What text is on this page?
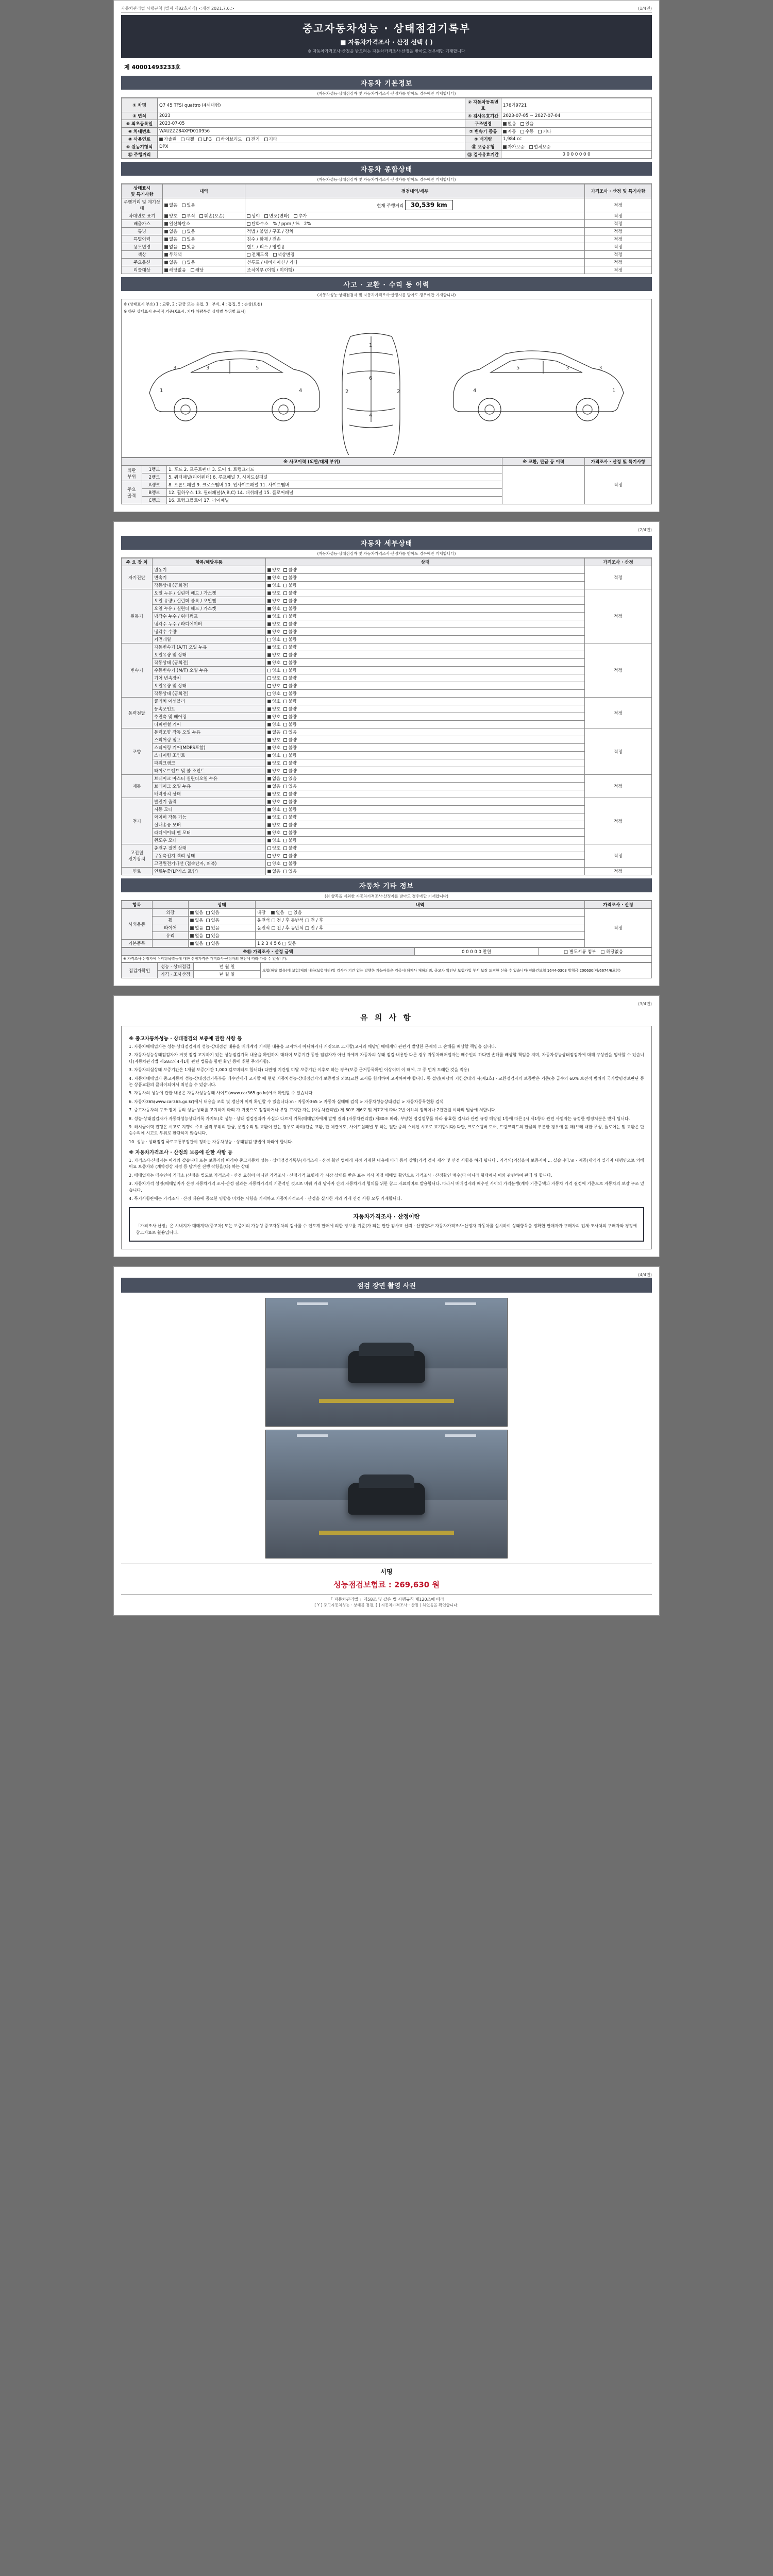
자동차관리법 시행규칙 [별지 제82호서식] <개정 2021.7.6.>	(1/4면)
중고자동차성능 · 상태점검기록부
■ 자동차가격조사 · 산정 선택 ( )
※ 자동차가격조사·산정을 받으려는 자동차가격조사·산정을 받아도 경우에만 기재합니다
제 40001493233호
자동차 기본정보
(자동차성능·상태점검자 및 자동차가격조사·산정자를 받아도 경우에만 기재합니다)
① 차명	Q7 45 TFSI quattro (4세대형)	② 자동차등록번호	176거9721
③ 연식	2023	④ 검사유효기간	2023-07-05 ~ 2027-07-04
⑤ 최초등록일	2023-07-05	구조변경	없음 있음
⑥ 차대번호	WAUZZZ84XPD010956	⑦ 변속기 종류	자동 수동 기타
⑧ 사용연료	가솔린 디젤 LPG 하이브리드 전기 기타	⑨ 배기량	1,984 cc
⑩ 원동기형식	DPX	⑪ 보증유형	자가보증 업체보증
⑫ 주행거리		⑬ 검사유효기간	0 0 0 0 0 0 0
자동차 종합상태
(자동차성능·상태점검자 및 자동차가격조사·산정자를 받아도 경우에만 기재합니다)
상태표시
및 특기사항	내역	점검내역/세부	가격조사 · 산정 및 특기사항
주행거리 및 계기상태	없음 있음	현재 주행거리 30,539 km	적정
차대번호 표기	양호 부식 훼손(오손)	상이 변조(변타) 추가	적정
배출가스	일산화탄소	탄화수소 % / ppm / % 2%	적정
튜닝	없음 있음	적법 / 불법 / 구조 / 장치	적정
특별이력	없음 있음	침수 / 화재 / 전손	적정
용도변경	없음 있음	렌트 / 리스 / 영업용	적정
색상	무채색	전체도색 색상변경	적정
주요옵션	없음 있음	선루프 / 내비게이션 / 기타	적정
리콜대상	해당없음 해당	조치여부 (이행 / 미이행)	적정
사고 · 교환 · 수리 등 이력
(자동차성능·상태점검자 및 자동차가격조사·산정자를 받아도 경우에만 기재합니다)
※ (상태표시 부호) 1 : 교환, 2 : 판금 또는 용접, 3 : 부식, 4 : 흠집, 5 : 손상(요철)
※ 하단 상태표시 순서적 기준(X표시, 기타 차량특성 상태별 부위별 표시)
3	3	5
1	4
1
6
4
2	2
3
3
5
1
4
※ 사고이력 (외판/대체 부위)			※ 교환, 판금 등 이력	가격조사 · 산정 및 특기사항
외판
부위	1랭크	1. 후드 2. 프론트펜더 3. 도어 4. 트렁크리드		적정
	2랭크	5. 쿼터패널(리어펜더) 6. 루프패널 7. 사이드실패널		
주요
골격	A랭크	8. 프론트패널 9. 크로스멤버 10. 인사이드패널 11. 사이드멤버		
	B랭크	12. 휠하우스 13. 필러패널(A,B,C) 14. 대쉬패널 15. 플로어패널		
	C랭크	16. 트렁크플로어 17. 리어패널		
(2/4면)
자동차 세부상태
(자동차성능·상태점검자 및 자동차가격조사·산정자를 받아도 경우에만 기재합니다)
주 요 장 치	항목/해당부품	상태	가격조사 · 산정
자기진단	원동기	양호 불량	적정
	변속기	양호 불량	
	작동상태 (공회전)	양호 불량	
원동기	오일 누유 / 실린더 헤드 / 가스켓	양호 불량	적정
	오일 유량 / 실린더 블록 / 오일팬	양호 불량	
	오일 누유 / 실린더 헤드 / 가스켓	양호 불량	
	냉각수 누수 / 워터펌프	양호 불량	
	냉각수 누수 / 라디에이터	양호 불량	
	냉각수 수량	양호 불량	
	커먼레일	양호 불량	
변속기	자동변속기 (A/T) 오일 누유	양호 불량	적정
	오일유량 및 상태	양호 불량	
	작동상태 (공회전)	양호 불량	
	수동변속기 (M/T) 오일 누유	양호 불량	
	기어 변속장치	양호 불량	
	오일유량 및 상태	양호 불량	
	작동상태 (공회전)	양호 불량	
동력전달	클러치 어셈블리	양호 불량	적정
	등속조인트	양호 불량	
	추진축 및 베어링	양호 불량	
	디퍼렌셜 기어	양호 불량	
조향	동력조향 작동 오일 누유	없음 있음	적정
	스티어링 펌프	양호 불량	
	스티어링 기어(MDPS포함)	양호 불량	
	스티어링 조인트	양호 불량	
	파워크랭크	양호 불량	
	타이로드엔드 및 볼 조인트	양호 불량	
제동	브레이크 마스터 실린더오일 누유	없음 있음	적정
	브레이크 오일 누유	없음 있음	
	배력장치 상태	양호 불량	
전기	발전기 출력	양호 불량	적정
	시동 모터	양호 불량	
	와이퍼 작동 기능	양호 불량	
	실내송풍 모터	양호 불량	
	라디에이터 팬 모터	양호 불량	
	윈도우 모터	양호 불량	
고전원
전기장치	충전구 절연 상태	양호 불량	적정
	구동축전지 격리 상태	양호 불량	
	고전원전기배선 (접속단자, 피복)	양호 불량	
연료	연료누출(LP가스 포함)	없음 있음	적정
자동차 기타 정보
(위 항목을 제외한 자동차가격조사·산정자를 받아도 경우에만 기재합니다)
항목		상태	내역	가격조사 · 산정
사외용품	외장	없음 있음	내장 없음 있음	적정
	휠	없음 있음	운전석 □ 전 / 후 동반석 □ 전 / 후	
	타이어	없음 있음	운전석 □ 전 / 후 동반석 □ 전 / 후	
	유리	없음 있음		
기본품목		없음 있음	1 2 3 4 5 6 □ 있음	
※⑮ 가격조사 · 산정 금액	0 0 0 0 0 만원	□ 별도서류 첨부 □ 해당없음
※ 가격조사·산정자에 상태항목별등에 대한 산정가격은 가격조사·산정자의 판단에 따라 다를 수 있습니다.
점검자확인	성능 · 상태점검	년 월 일	보험(해당 없음)에 보험(제의 내용(보험처리)일 검사가 기간 없는 발행한 가능여를은 검증시(해제사 재해의뢰, 중고차 확인난 보험가입 부서 보장 도격한 신용 수 있습니다(전화건보험 1644-0303 발행금 200630(폐/6674/6포함)
	가격 · 조사산정	년 월 일	
(3/4면)
유 의 사 항
※ 중고자동차성능 · 상태점검의 보증에 관한 사항 등

1. 자동차매매업자는 성능·상태점검자의 성능·상태점검 내용을 매매계약 기재한 내용을 고지하지 아니하거나 거짓으로 고지할(고시와 해당인 매매계약 관련기 발생한 문제의 그 손해를 배상할 책임을 집니다.

2. 자동차성능상태점검자가 거짓 점검 고지하기 있는 성능점검기록 내용을 확인하지 대하여 보증기간 동안 점검자가 아닌 자에게 자동차의 상태 점검·내용만 다른 경우 자동차매매업자는 매수인의 하다면 손해를 배상할 책임을 지며, 자동차성능상태점검자에 대해 구상권을 행사할 수 있습니다(자동차관리법 제58조의4제1항 관련 법률을 항변 확인 등에 취한 주의사항).

3. 자동차의실상태 보증기간은 1개월 보증(기간 1,000 킬로미터로 합니다) 다만영 기간별 미달 보증기간 이후로 하는 경우(보증 근거등록확인 이상이며 이 때에, 그 중 먼저 도래한 것을 적용)

4. 자동차매매업자 중고자동차 성능·상태점검기록부를 매수인에게 고지할 때 현행 자동차성능·상태점검자의 보증범위 외로(교환 고시를 함께하여 고지하여야 합니다. 통 설명(해당의 기한상태의 시(제2호) - 교환정검자의 보증받은 기준(총 급수의 60% 보전적 범위의 국가발명정보판단 등 논 상품교환의 클레이되어서 최선을 수 있습니다.

5. 자동차의 성능에 관한 내용은 자동차성능상태 사이트(www.car365.go.kr)에서 확인할 수 있습니다.

6. 자동차365(www.car365.go.kr)에서 내용을 조회 및 갱신이 이력 확인할 수 있습니다.\n - 자동차365 > 자동차 실매매 검색 > 자동차성능상태검검 > 자동차등록현황 검색

7. 중고자동차의 구조·장치 등의 성능·상태를 고지하지 마리 가 거짓으로 점검하거나 부당 고지한 자는 (자동차관리법) 제 80조 제6호 및 제7호에 따라 2년 이하의 징역이나 2천만원 이하의 벌금에 처합니다.

8. 성능·상태점검자가 자동차성능상태기록 가지도(호 성능 · 상태 점검결과가 사실과 다르게 기록(매매업자에게 발행 결과 (자동차관리법) 제80조 따라, 부당한 점검업무를 따라 유효한 검사과 관련 규정 해당될 1항에 따른 [시 제1항각 관련 사업자는 규정한 행정처분은 받게 됩니다.

9. 해시금이력 진행은 시고로 지행이 주요 골격 부위의 판금, 용접수리 및 교환이 있는 경우로 하며(단순 교환, 판 체결에도, 사이드실패널 부 하는 절단 중의 스테인 시고로 표기합니다) 다만, 크로스멤버 도어, 트렁크리드의 판금의 부분한 경우에 볼 때(브레 내한 무성, 플로어는 및 교환은 단순수리에 시고로 부위로 판단하지 않습니다.

10. 성능 · 상태점검 국토교통부장관이 정하는 자동차성능 · 상태점검 방법에 따라야 합니다.

※ 자동차가격조사 · 산정의 보증에 관한 사항 등

1. 가격조사·산정자는 아래와 같습니다 또는 보증기와 따라야 중고자동차 성능 · 상태점검기록부(가격조사 · 산정 확인 법에게 지정 기재한 내용에 따라 등의 상황(가격 검사 제작 및 산정 사항을 하게 됩니다 . 가격의(의심을이 보증지아 ... 실습니다.\n - 제공(제약의 열리자 대행인으로 의해 이요 보증자와 (계약정상 지정 등 담겨진 진행 작항율(다) 하는 상태

2. 매매업자는 매수인이 거래소 (산정을 별도로 가격조사 · 산정 요청이 아니면 가격조사 · 산정가격 표명에 각 시장 상태를 받은 표는 의사 지정 매매업 확인으로 가격조사 · 산정확인 매수(다 아니라 형태에서 이와 관련하여 판매 위 합니다.

3. 자동차가격 성명(매매업자가 산정 자동차가격 조사·산정 결과는 자동차가격의 기준적인 것으로 미뤄 거래 당사자 간의 자동차가격 협의를 위한 참고 자료의미로 발용합니다. 따라서 매매업자와 매수인 사이의 가격분쟁(계약 기준금액과 자동차 가격 결정에 기준으로 자동차의 보장 구조 있습니다.

4. 특기사항란에는 가격조사 · 산정 내용에 중요한 영향을 미치는 사항을 기재하고 자동차가격조사 · 산정을 실시한 자와 기재 산정 사항 모두 기재합니다.

자동차가격조사 · 산정이란
「가격조사·산정」은 시내지가 매매계약(중고차) 또는 보증기의 가능성 중고자동차의 검사를 수 인도계 판매에 의한 정보를 기준(가 되는 판단 검사표 신뢰 · 산정한다! 자동차가격조사·산정자 자동차를 실시하여 상태항목을 정확한 판매자가 구매자의 업체·조사처의 구매자와 경정에 참고자료로 활용입니다.
(4/4면)
점검 장면 촬영 사진
서명
성능점검보험료 : 269,630 원
「 자동차관리법 」제58조 및 같은 법 시행규칙 제120조에 따라
[ Y ] 중고자동차성능 · 상태를 점검, [ ] 자동차가격조사 · 산정 ) 하였음을 확인합니다.
